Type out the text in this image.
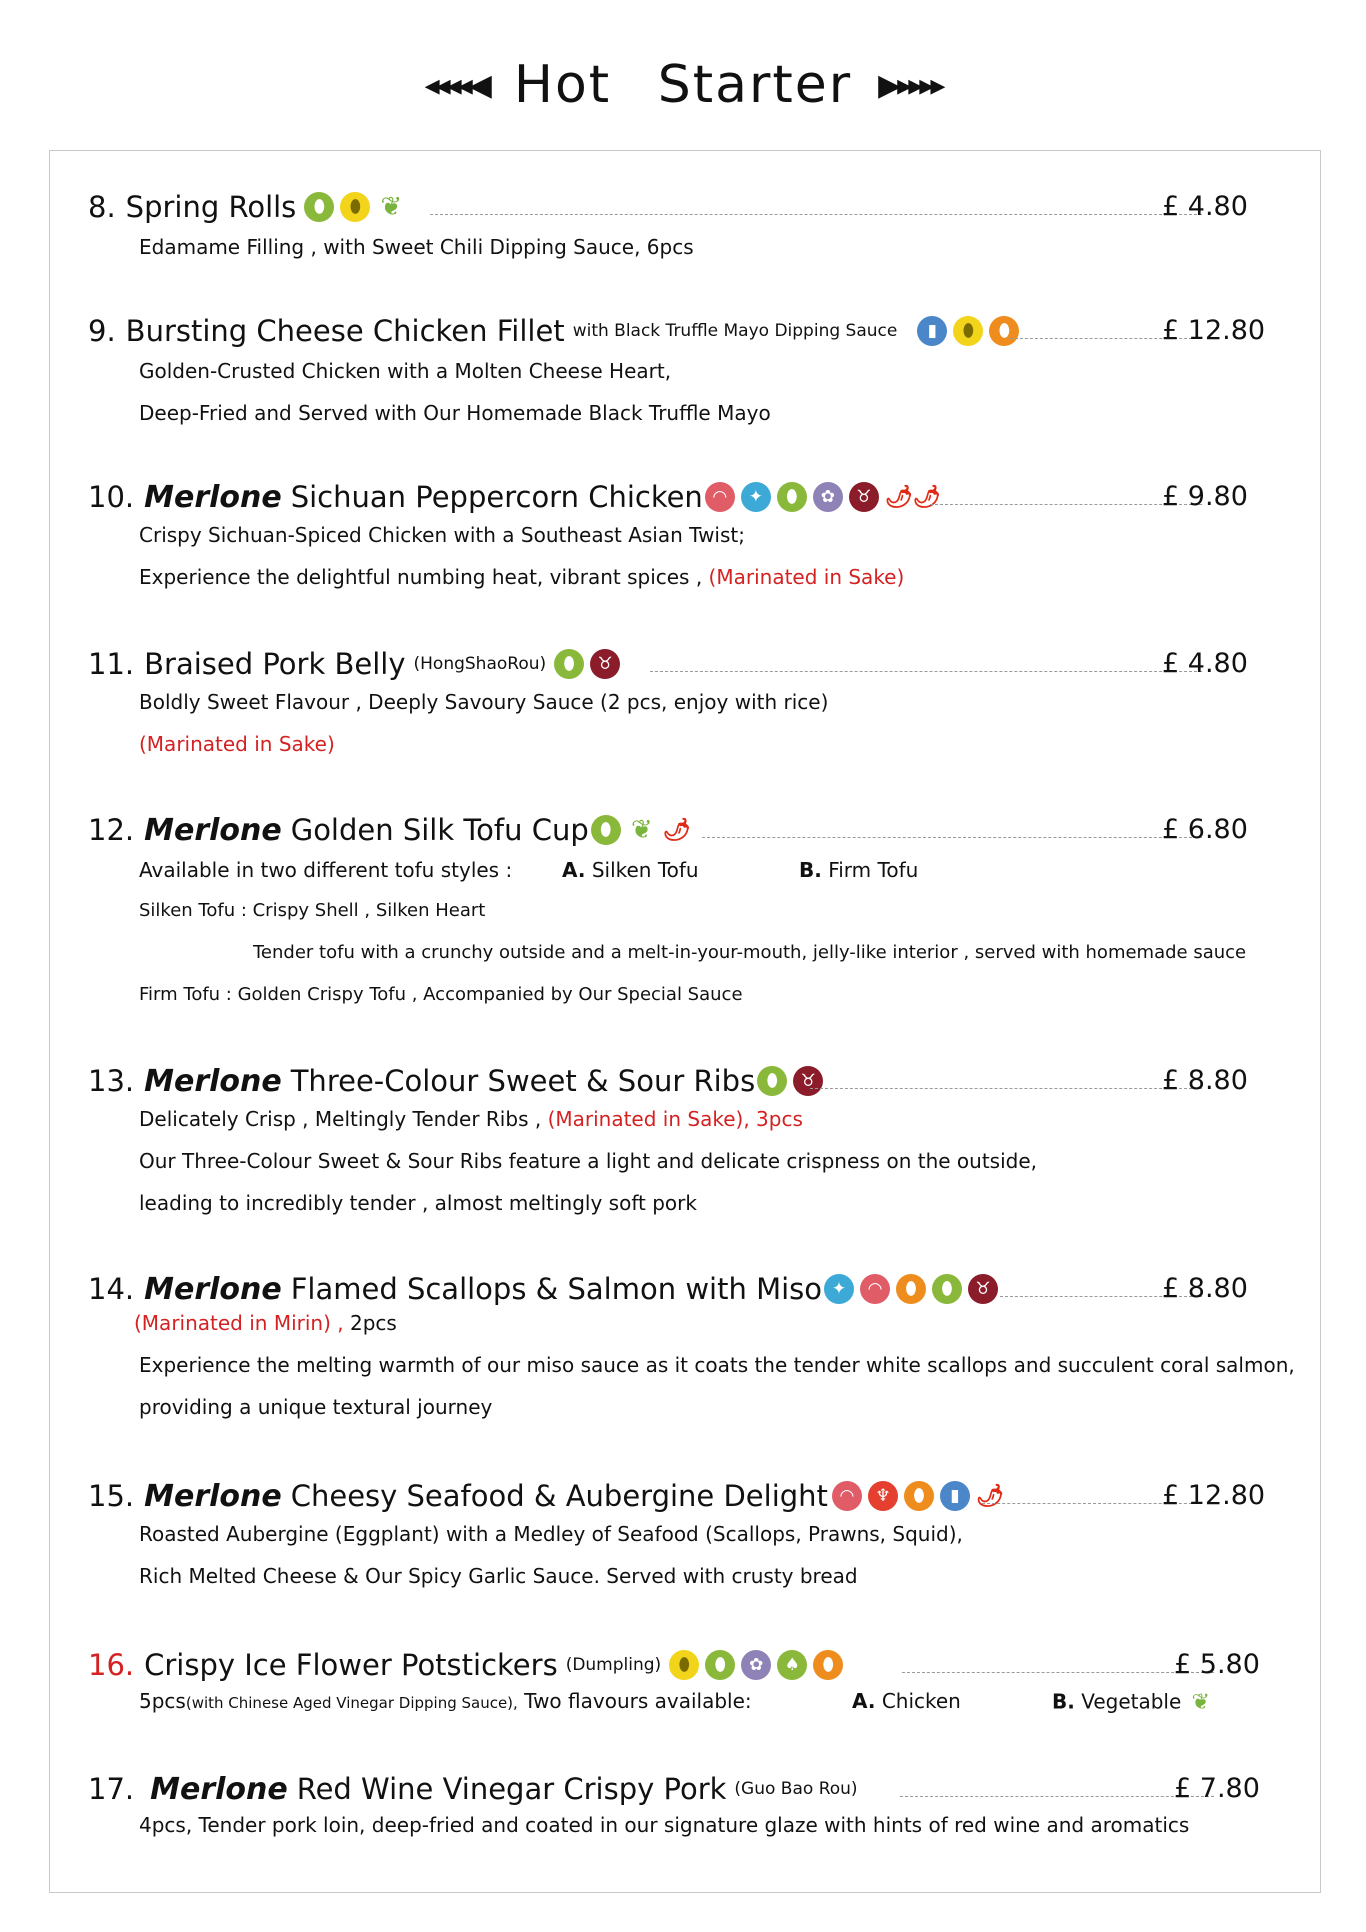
◂◂◂◂◀ Hot Starter ▶▸▸▸▸
8. Spring Rolls	⬮	⬮ ❦	£ 4.80
Edamame Filling , with Sweet Chili Dipping Sauce, 6pcs
9. Bursting Cheese Chicken Fillet with Black Truffle Mayo Dipping Sauce	▮	⬮	⬮	£ 12.80
Golden-Crusted Chicken with a Molten Cheese Heart,
Deep-Fried and Served with Our Homemade Black Truffle Mayo
10. Merlone Sichuan Peppercorn Chicken ◠	✦	⬮	✿	♉ 🌶🌶	£ 9.80
Crispy Sichuan-Spiced Chicken with a Southeast Asian Twist;
Experience the delightful numbing heat, vibrant spices , (Marinated in Sake)
11. Braised Pork Belly (HongShaoRou)	⬮	♉	£ 4.80
Boldly Sweet Flavour , Deeply Savoury Sauce (2 pcs, enjoy with rice)
(Marinated in Sake)
12. Merlone Golden Silk Tofu Cup ⬮ ❦ 🌶	£ 6.80
Available in two different tofu styles : A. Silken Tofu	B. Firm Tofu
Silken Tofu : Crispy Shell , Silken Heart
Tender tofu with a crunchy outside and a melt-in-your-mouth, jelly-like interior , served with homemade sauce
Firm Tofu : Golden Crispy Tofu , Accompanied by Our Special Sauce
13. Merlone Three-Colour Sweet & Sour Ribs ⬮	♉	£ 8.80
Delicately Crisp , Meltingly Tender Ribs , (Marinated in Sake), 3pcs
Our Three-Colour Sweet & Sour Ribs feature a light and delicate crispness on the outside,
leading to incredibly tender , almost meltingly soft pork
14. Merlone Flamed Scallops & Salmon with Miso ✦	◠	⬮	⬮	♉	£ 8.80
(Marinated in Mirin) , 2pcs
Experience the melting warmth of our miso sauce as it coats the tender white scallops and succulent coral salmon,
providing a unique textural journey
15. Merlone Cheesy Seafood & Aubergine Delight ◠	♆	⬮	▮ 🌶	£ 12.80
Roasted Aubergine (Eggplant) with a Medley of Seafood (Scallops, Prawns, Squid),
Rich Melted Cheese & Our Spicy Garlic Sauce. Served with crusty bread
16. Crispy Ice Flower Potstickers (Dumpling)	⬮	⬮	✿	♠	⬮	£ 5.80
5pcs(with Chinese Aged Vinegar Dipping Sauce), Two flavours available:	A. Chicken	B. Vegetable ❦
17. Merlone Red Wine Vinegar Crispy Pork (Guo Bao Rou)	£ 7.80
4pcs, Tender pork loin, deep-fried and coated in our signature glaze with hints of red wine and aromatics
